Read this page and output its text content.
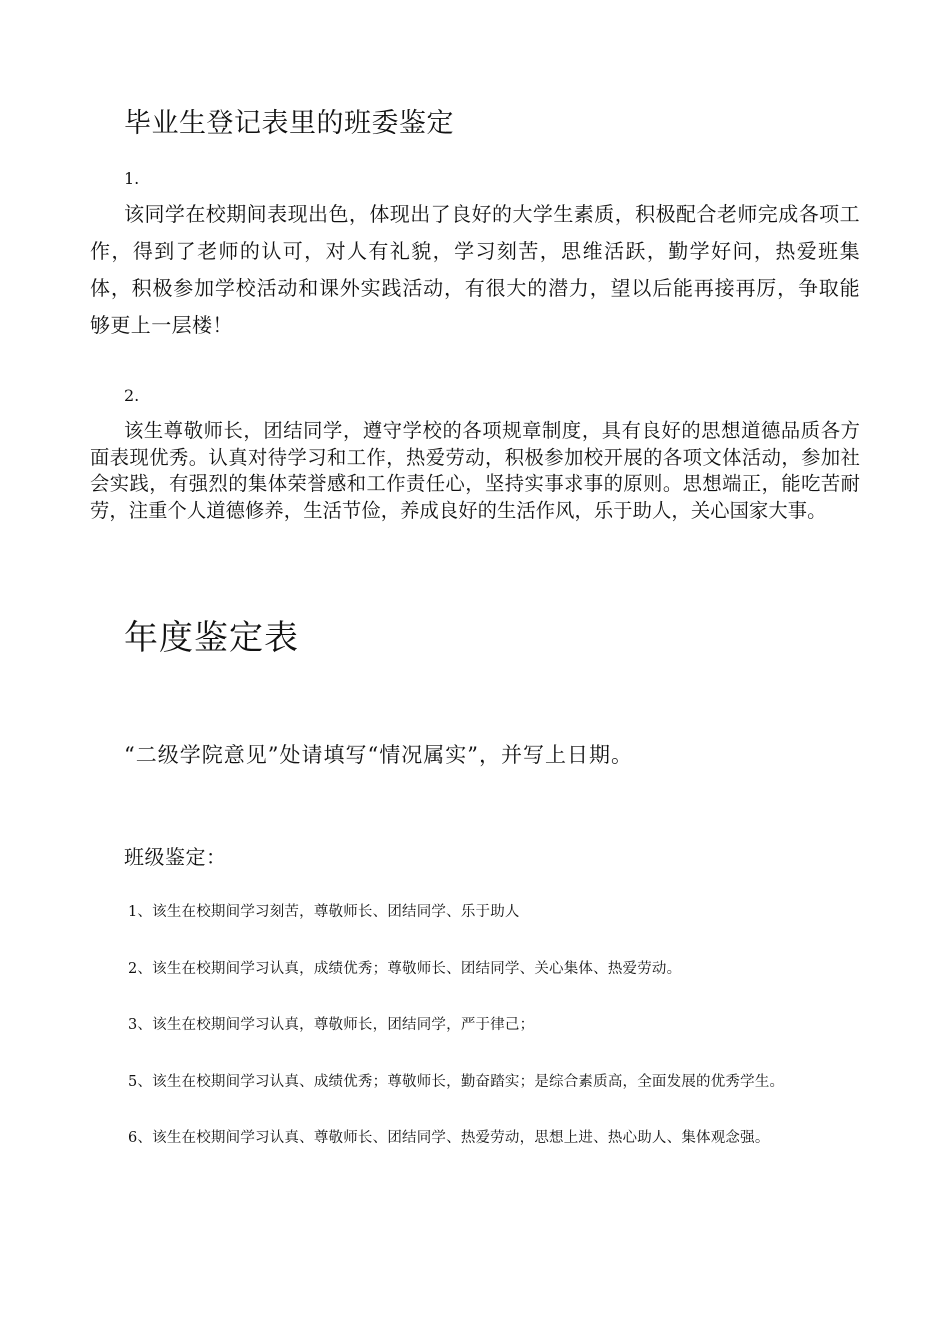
毕业生登记表里的班委鉴定
1.
该同学在校期间表现出色，体现出了良好的大学生素质，积极配合老师完成各项工作，得到了老师的认可，对人有礼貌，学习刻苦，思维活跃，勤学好问，热爱班集体，积极参加学校活动和课外实践活动，有很大的潜力，望以后能再接再厉，争取能够更上一层楼！
2.
该生尊敬师长，团结同学，遵守学校的各项规章制度，具有良好的思想道德品质各方面表现优秀。认真对待学习和工作，热爱劳动，积极参加校开展的各项文体活动，参加社会实践，有强烈的集体荣誉感和工作责任心，坚持实事求事的原则。思想端正，能吃苦耐劳，注重个人道德修养，生活节俭，养成良好的生活作风，乐于助人，关心国家大事。
年度鉴定表
“二级学院意见”处请填写“情况属实”，并写上日期。
班级鉴定：
1、该生在校期间学习刻苦，尊敬师长、团结同学、乐于助人
2、该生在校期间学习认真，成绩优秀；尊敬师长、团结同学、关心集体、热爱劳动。
3、该生在校期间学习认真，尊敬师长，团结同学，严于律己；
5、该生在校期间学习认真、成绩优秀；尊敬师长，勤奋踏实；是综合素质高，全面发展的优秀学生。
6、该生在校期间学习认真、尊敬师长、团结同学、热爱劳动，思想上进、热心助人、集体观念强。
